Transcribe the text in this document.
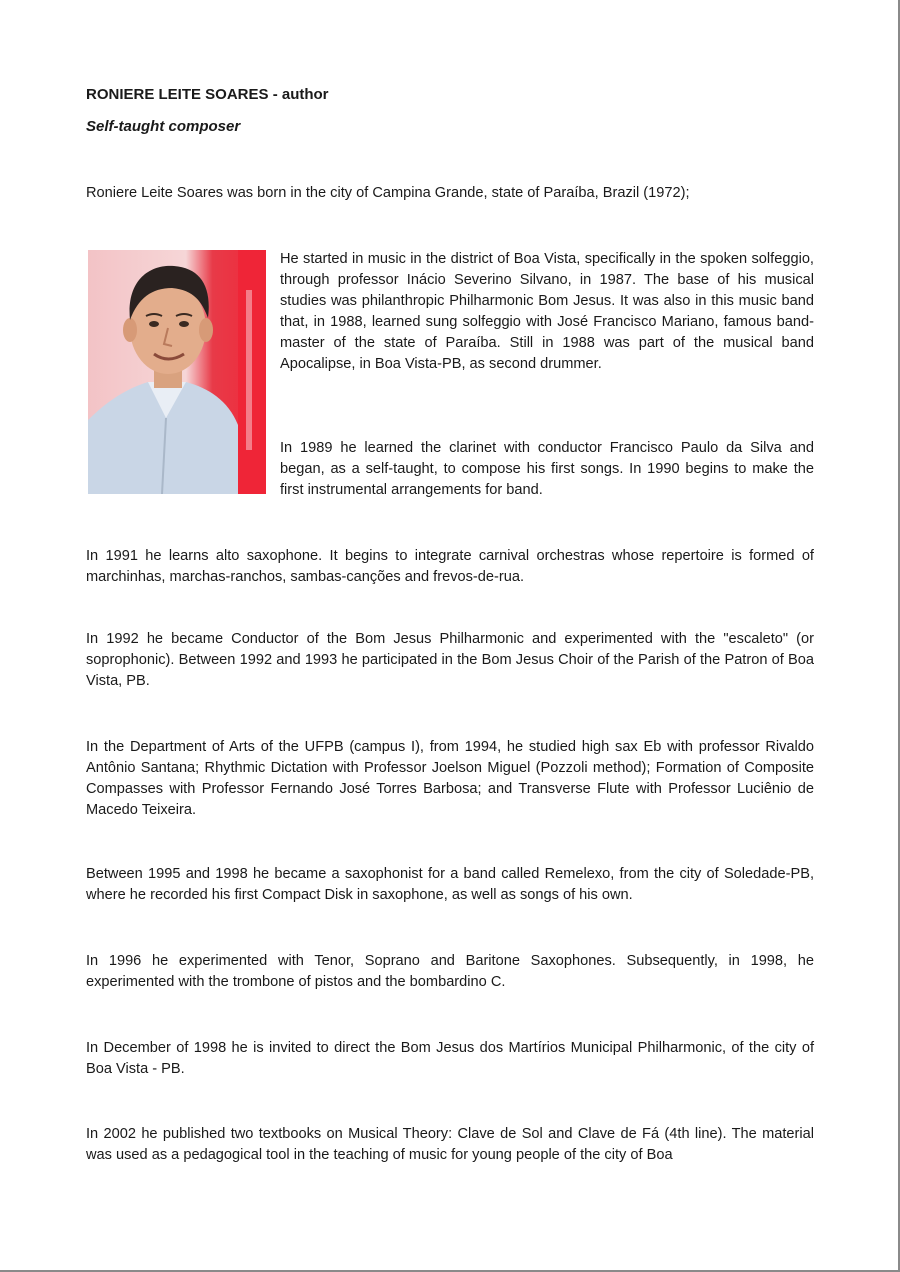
RONIERE LEITE SOARES - author
Self-taught composer

Roniere Leite Soares was born in the city of Campina Grande, state of Paraíba, Brazil (1972);

He started in music in the district of Boa Vista, specifically in the spoken solfeggio, through professor Inácio Severino Silvano, in 1987. The base of his musical studies was philanthropic Philharmonic Bom Jesus. It was also in this music band that, in 1988, learned sung solfeggio with José Francisco Mariano, famous band-master of the state of Paraíba. Still in 1988 was part of the musical band Apocalipse, in Boa Vista-PB, as second drummer.

In 1989 he learned the clarinet with conductor Francisco Paulo da Silva and began, as a self-taught, to compose his first songs. In 1990 begins to make the first instrumental arrangements for band.

In 1991 he learns alto saxophone. It begins to integrate carnival orchestras whose repertoire is formed of marchinhas, marchas-ranchos, sambas-canções and frevos-de-rua.

In 1992 he became Conductor of the Bom Jesus Philharmonic and experimented with the "escaleto" (or soprophonic). Between 1992 and 1993 he participated in the Bom Jesus Choir of the Parish of the Patron of Boa Vista, PB.

In the Department of Arts of the UFPB (campus I), from 1994, he studied high sax Eb with professor Rivaldo Antônio Santana; Rhythmic Dictation with Professor Joelson Miguel (Pozzoli method); Formation of Composite Compasses with Professor Fernando José Torres Barbosa; and Transverse Flute with Professor Luciênio de Macedo Teixeira.

Between 1995 and 1998 he became a saxophonist for a band called Remelexo, from the city of Soledade-PB, where he recorded his first Compact Disk in saxophone, as well as songs of his own.

In 1996 he experimented with Tenor, Soprano and Baritone Saxophones. Subsequently, in 1998, he experimented with the trombone of pistos and the bombardino C.

In December of 1998 he is invited to direct the Bom Jesus dos Martírios Municipal Philharmonic, of the city of Boa Vista - PB.

In 2002 he published two textbooks on Musical Theory: Clave de Sol and Clave de Fá (4th line). The material was used as a pedagogical tool in the teaching of music for young people of the city of Boa
